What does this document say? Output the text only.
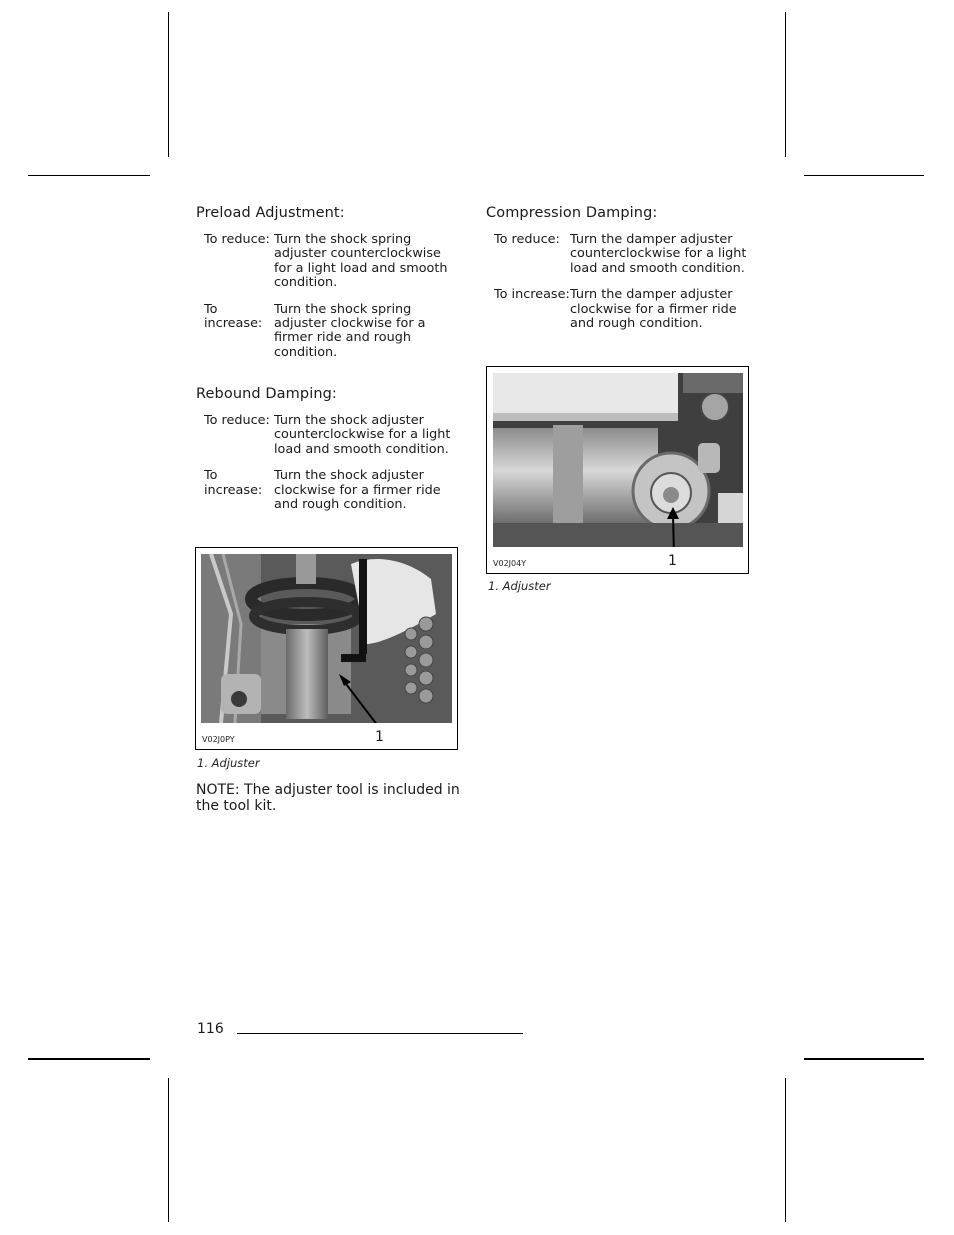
Preload Adjustment:
To reduce: Turn the shock spring adjuster counterclockwise for a light load and smooth condition.
To increase:
Turn the shock spring adjuster clockwise for a firmer ride and rough condition.
Rebound Damping:
To reduce: Turn the shock adjuster counterclockwise for a light load and smooth condition.
To increase:
Turn the shock adjuster clockwise for a firmer ride and rough condition.
V02J0PY	1
1. Adjuster
NOTE: The adjuster tool is included in the tool kit.
Compression Damping:
To reduce: Turn the damper adjuster counterclockwise for a light load and smooth condition.
To increase: Turn the damper adjuster clockwise for a firmer ride and rough condition.
V02J04Y	1
1. Adjuster
116
